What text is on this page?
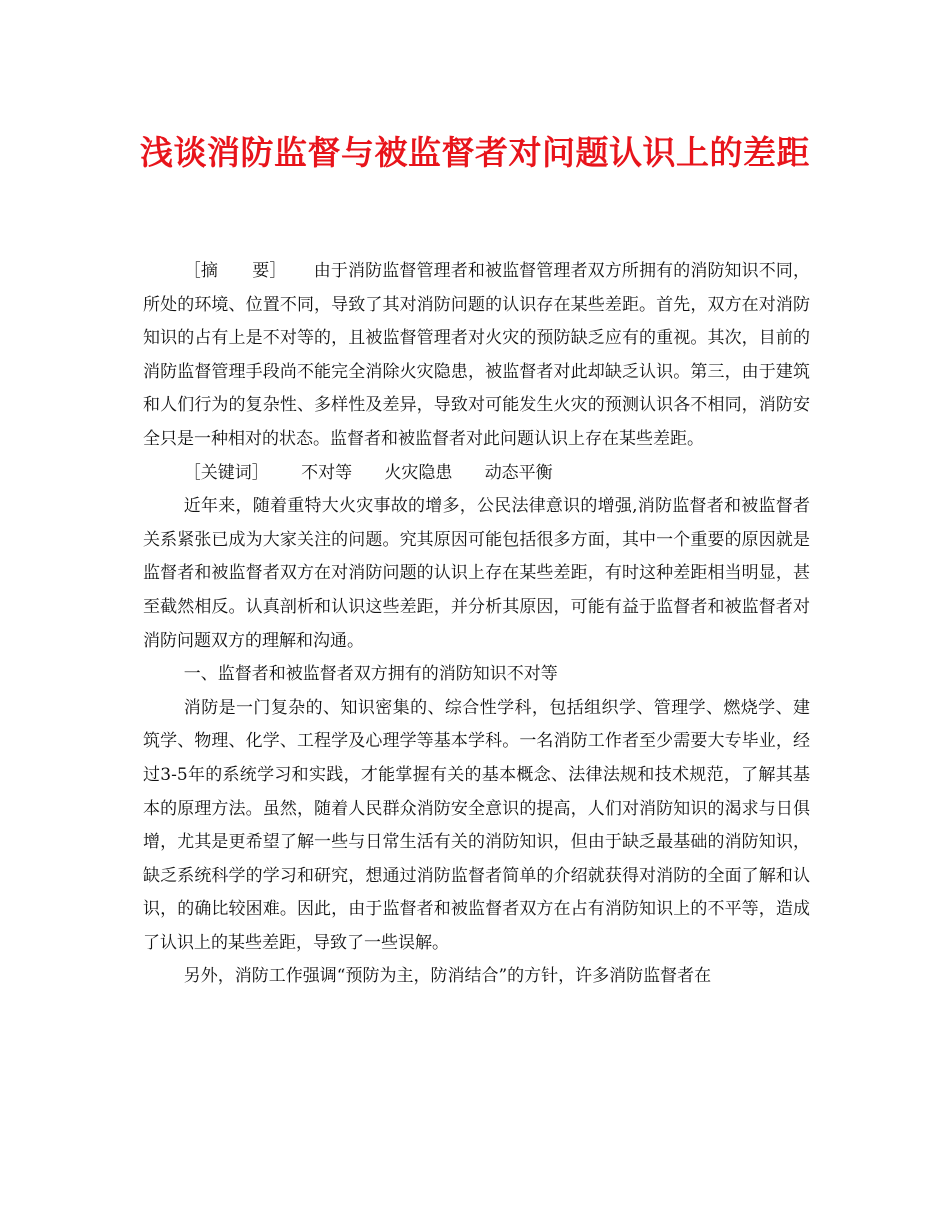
浅谈消防监督与被监督者对问题认识上的差距

［摘　　要］ 由于消防监督管理者和被监督管理者双方所拥有的消防知识不同，所处的环境、位置不同，导致了其对消防问题的认识存在某些差距。首先，双方在对消防知识的占有上是不对等的，且被监督管理者对火灾的预防缺乏应有的重视。其次，目前的消防监督管理手段尚不能完全消除火灾隐患，被监督者对此却缺乏认识。第三，由于建筑和人们行为的复杂性、多样性及差异，导致对可能发生火灾的预测认识各不相同，消防安全只是一种相对的状态。监督者和被监督者对此问题认识上存在某些差距。

［关键词］ 不对等 火灾隐患 动态平衡

近年来，随着重特大火灾事故的增多，公民法律意识的增强,消防监督者和被监督者关系紧张已成为大家关注的问题。究其原因可能包括很多方面，其中一个重要的原因就是监督者和被监督者双方在对消防问题的认识上存在某些差距，有时这种差距相当明显，甚至截然相反。认真剖析和认识这些差距，并分析其原因，可能有益于监督者和被监督者对消防问题双方的理解和沟通。

一、监督者和被监督者双方拥有的消防知识不对等

消防是一门复杂的、知识密集的、综合性学科，包括组织学、管理学、燃烧学、建筑学、物理、化学、工程学及心理学等基本学科。一名消防工作者至少需要大专毕业，经过3-5年的系统学习和实践，才能掌握有关的基本概念、法律法规和技术规范，了解其基本的原理方法。虽然，随着人民群众消防安全意识的提高，人们对消防知识的渴求与日俱增，尤其是更希望了解一些与日常生活有关的消防知识，但由于缺乏最基础的消防知识，缺乏系统科学的学习和研究，想通过消防监督者简单的介绍就获得对消防的全面了解和认识，的确比较困难。因此，由于监督者和被监督者双方在占有消防知识上的不平等，造成了认识上的某些差距，导致了一些误解。

另外，消防工作强调“预防为主，防消结合”的方针，许多消防监督者在
